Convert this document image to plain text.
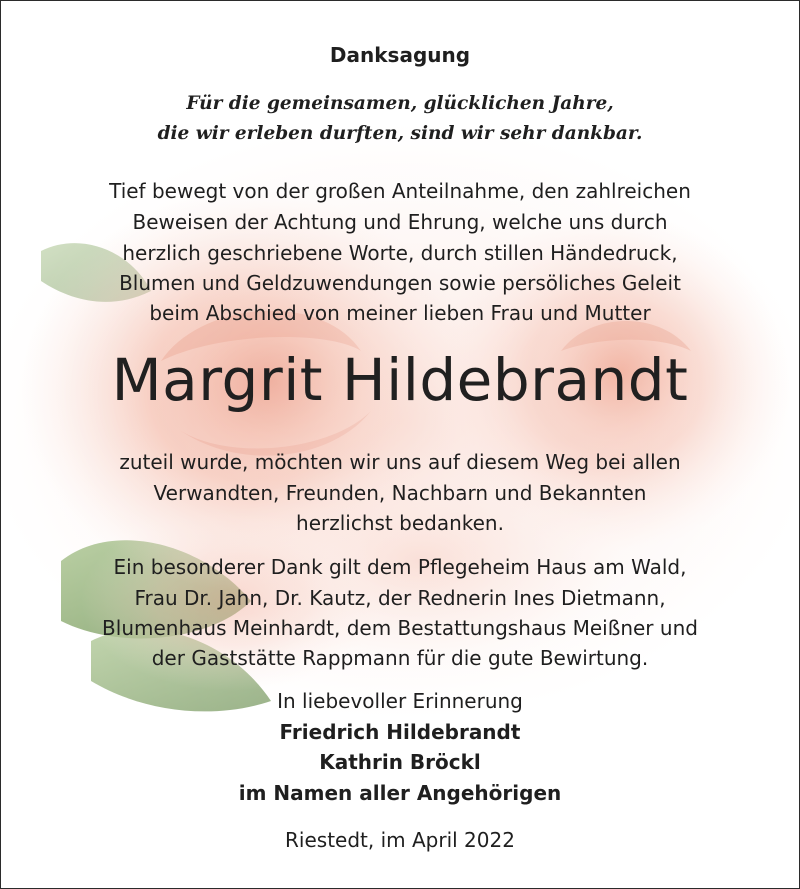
Danksagung
Für die gemeinsamen, glücklichen Jahre,
die wir erleben durften, sind wir sehr dankbar.
Tief bewegt von der großen Anteilnahme, den zahlreichen
Beweisen der Achtung und Ehrung, welche uns durch
herzlich geschriebene Worte, durch stillen Händedruck,
Blumen und Geldzuwendungen sowie persöliches Geleit
beim Abschied von meiner lieben Frau und Mutter
Margrit Hildebrandt
zuteil wurde, möchten wir uns auf diesem Weg bei allen
Verwandten, Freunden, Nachbarn und Bekannten
herzlichst bedanken.
Ein besonderer Dank gilt dem Pflegeheim Haus am Wald,
Frau Dr. Jahn, Dr. Kautz, der Rednerin Ines Dietmann,
Blumenhaus Meinhardt, dem Bestattungshaus Meißner und
der Gaststätte Rappmann für die gute Bewirtung.
In liebevoller Erinnerung
Friedrich Hildebrandt
Kathrin Bröckl
im Namen aller Angehörigen
Riestedt, im April 2022
